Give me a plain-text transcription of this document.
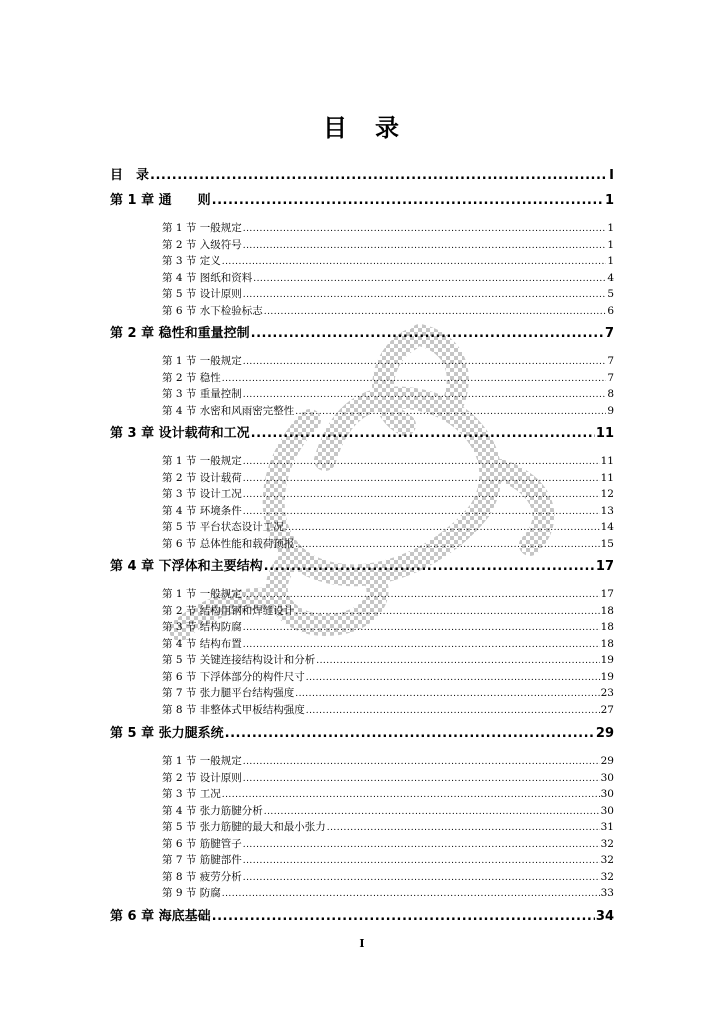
目　录
目　录 .....	I
第 1 章 通　　则 .....	1
第 1 节 一般规定 .....	1
第 2 节 入级符号 .....	1
第 3 节 定义 .....	1
第 4 节 图纸和资料 .....	4
第 5 节 设计原则 .....	5
第 6 节 水下检验标志 .....	6
第 2 章 稳性和重量控制 .....	7
第 1 节 一般规定 .....	7
第 2 节 稳性 .....	7
第 3 节 重量控制 .....	8
第 4 节 水密和风雨密完整性 .....	9
第 3 章 设计载荷和工况 .....	11
第 1 节 一般规定 .....	11
第 2 节 设计载荷 .....	11
第 3 节 设计工况 .....	12
第 4 节 环境条件 .....	13
第 5 节 平台状态设计工况 .....	14
第 6 节 总体性能和载荷预报 .....	15
第 4 章 下浮体和主要结构 .....	17
第 1 节 一般规定 .....	17
第 2 节 结构用钢和焊缝设计 .....	18
第 3 节 结构防腐 .....	18
第 4 节 结构布置 .....	18
第 5 节 关键连接结构设计和分析 .....	19
第 6 节 下浮体部分的构件尺寸 .....	19
第 7 节 张力腿平台结构强度 .....	23
第 8 节 非整体式甲板结构强度 .....	27
第 5 章 张力腿系统 .....	29
第 1 节 一般规定 .....	29
第 2 节 设计原则 .....	30
第 3 节 工况 .....	30
第 4 节 张力筋腱分析 .....	30
第 5 节 张力筋腱的最大和最小张力 .....	31
第 6 节 筋腱管子 .....	32
第 7 节 筋腱部件 .....	32
第 8 节 疲劳分析 .....	32
第 9 节 防腐 .....	33
第 6 章 海底基础 .....	34
I
